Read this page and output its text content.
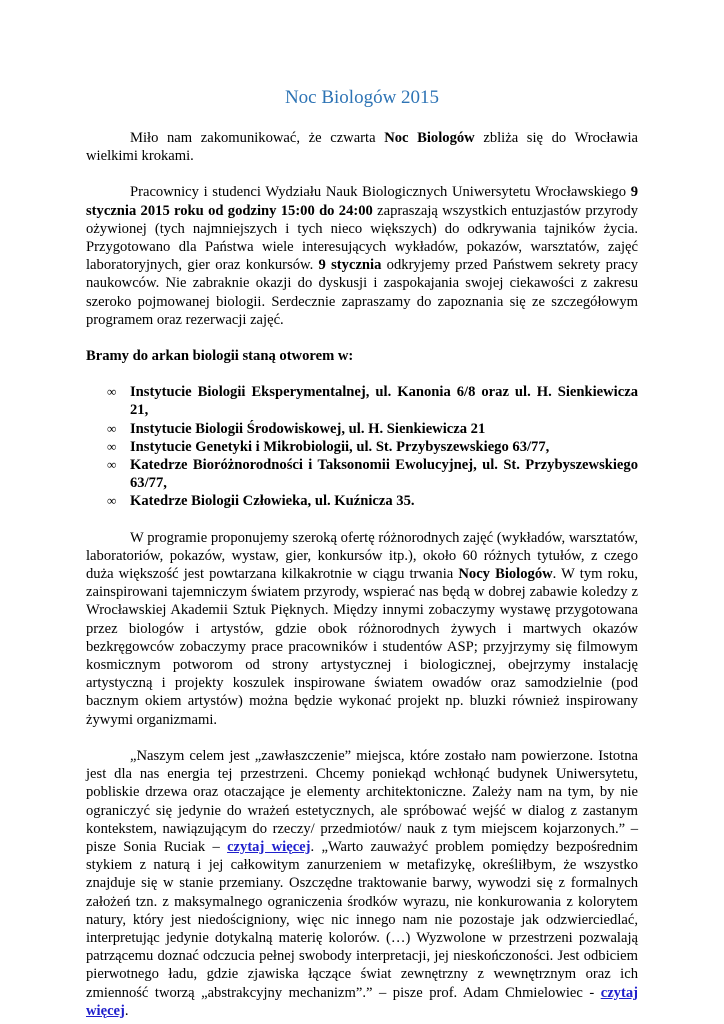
Noc Biologów 2015

Miło nam zakomunikować, że czwarta Noc Biologów zbliża się do Wrocławia wielkimi krokami.

Pracownicy i studenci Wydziału Nauk Biologicznych Uniwersytetu Wrocławskiego 9 stycznia 2015 roku od godziny 15:00 do 24:00 zapraszają wszystkich entuzjastów przyrody ożywionej (tych najmniejszych i tych nieco większych) do odkrywania tajników życia. Przygotowano dla Państwa wiele interesujących wykładów, pokazów, warsztatów, zajęć laboratoryjnych, gier oraz konkursów. 9 stycznia odkryjemy przed Państwem sekrety pracy naukowców. Nie zabraknie okazji do dyskusji i zaspokajania swojej ciekawości z zakresu szeroko pojmowanej biologii. Serdecznie zapraszamy do zapoznania się ze szczegółowym programem oraz rezerwacji zajęć.

Bramy do arkan biologii staną otworem w:

∞ Instytucie Biologii Eksperymentalnej, ul. Kanonia 6/8 oraz ul. H. Sienkiewicza 21,
∞ Instytucie Biologii Środowiskowej, ul. H. Sienkiewicza 21
∞ Instytucie Genetyki i Mikrobiologii, ul. St. Przybyszewskiego 63/77,
∞ Katedrze Bioróżnorodności i Taksonomii Ewolucyjnej, ul. St. Przybyszewskiego 63/77,
∞ Katedrze Biologii Człowieka, ul. Kuźnicza 35.

W programie proponujemy szeroką ofertę różnorodnych zajęć (wykładów, warsztatów, laboratoriów, pokazów, wystaw, gier, konkursów itp.), około 60 różnych tytułów, z czego duża większość jest powtarzana kilkakrotnie w ciągu trwania Nocy Biologów. W tym roku, zainspirowani tajemniczym światem przyrody, wspierać nas będą w dobrej zabawie koledzy z Wrocławskiej Akademii Sztuk Pięknych. Między innymi zobaczymy wystawę przygotowana przez biologów i artystów, gdzie obok różnorodnych żywych i martwych okazów bezkręgowców zobaczymy prace pracowników i studentów ASP; przyjrzymy się filmowym kosmicznym potworom od strony artystycznej i biologicznej, obejrzymy instalację artystyczną i projekty koszulek inspirowane światem owadów oraz samodzielnie (pod bacznym okiem artystów) można będzie wykonać projekt np. bluzki również inspirowany żywymi organizmami.

„Naszym celem jest „zawłaszczenie” miejsca, które zostało nam powierzone. Istotna jest dla nas energia tej przestrzeni. Chcemy poniekąd wchłonąć budynek Uniwersytetu, pobliskie drzewa oraz otaczające je elementy architektoniczne. Zależy nam na tym, by nie ograniczyć się jedynie do wrażeń estetycznych, ale spróbować wejść w dialog z zastanym kontekstem, nawiązującym do rzeczy/ przedmiotów/ nauk z tym miejscem kojarzonych.” – pisze Sonia Ruciak – czytaj więcej. „Warto zauważyć problem pomiędzy bezpośrednim stykiem z naturą i jej całkowitym zanurzeniem w metafizykę, określiłbym, że wszystko znajduje się w stanie przemiany. Oszczędne traktowanie barwy, wywodzi się z formalnych założeń tzn. z maksymalnego ograniczenia środków wyrazu, nie konkurowania z kolorytem natury, który jest niedościgniony, więc nic innego nam nie pozostaje jak odzwierciedlać, interpretując jedynie dotykalną materię kolorów. (…) Wyzwolone w przestrzeni pozwalają patrzącemu doznać odczucia pełnej swobody interpretacji, jej nieskończoności. Jest odbiciem pierwotnego ładu, gdzie zjawiska łączące świat zewnętrzny z wewnętrznym oraz ich zmienność tworzą „abstrakcyjny mechanizm”.” – pisze prof. Adam Chmielowiec - czytaj więcej.
